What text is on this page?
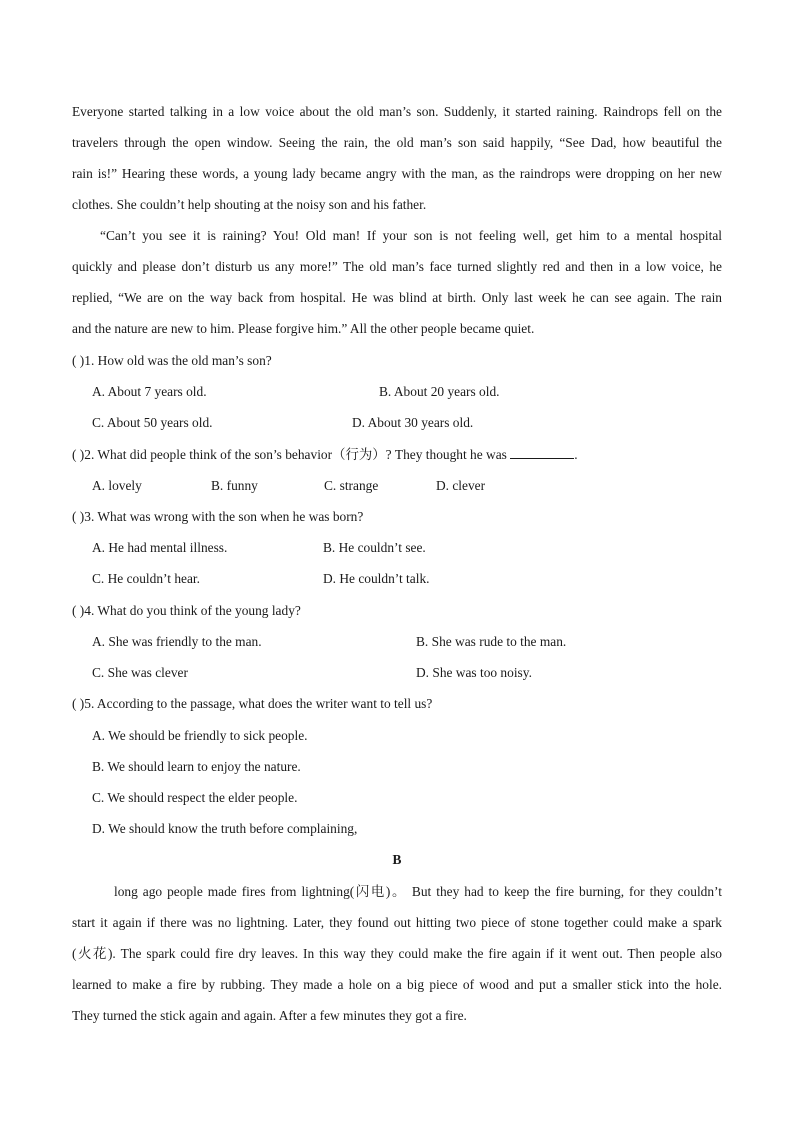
Everyone started talking in a low voice about the old man’s son. Suddenly, it started raining. Raindrops fell on the
travelers through the open window. Seeing the rain, the old man’s son said happily, “See Dad, how beautiful the
rain is!” Hearing these words, a young lady became angry with the man, as the raindrops were dropping on her new
clothes. She couldn’t help shouting at the noisy son and his father.
“Can’t you see it is raining? You! Old man! If your son is not feeling well, get him to a mental hospital
quickly and please don’t disturb us any more!” The old man’s face turned slightly red and then in a low voice, he
replied, “We are on the way back from hospital. He was blind at birth. Only last week he can see again. The rain
and the nature are new to him. Please forgive him.” All the other people became quiet.
( )1. How old was the old man’s son?
A. About 7 years old.	B. About 20 years old.
C. About 50 years old.	D. About 30 years old.
( )2. What did people think of the son’s behavior（行为）? They thought he was	.
A. lovely	B. funny	C. strange	D. clever
( )3. What was wrong with the son when he was born?
A. He had mental illness.	B. He couldn’t see.
C. He couldn’t hear.	D. He couldn’t talk.
( )4. What do you think of the young lady?
A. She was friendly to the man.	B. She was rude to the man.
C. She was clever	D. She was too noisy.
( )5. According to the passage, what does the writer want to tell us?
A. We should be friendly to sick people.
B. We should learn to enjoy the nature.
C. We should respect the elder people.
D. We should know the truth before complaining,
B
long ago people made fires from lightning(闪电)。 But they had to keep the fire burning, for they couldn’t
start it again if there was no lightning. Later, they found out hitting two piece of stone together could make a spark
(火花). The spark could fire dry leaves. In this way they could make the fire again if it went out. Then people also
learned to make a fire by rubbing. They made a hole on a big piece of wood and put a smaller stick into the hole.
They turned the stick again and again. After a few minutes they got a fire.
